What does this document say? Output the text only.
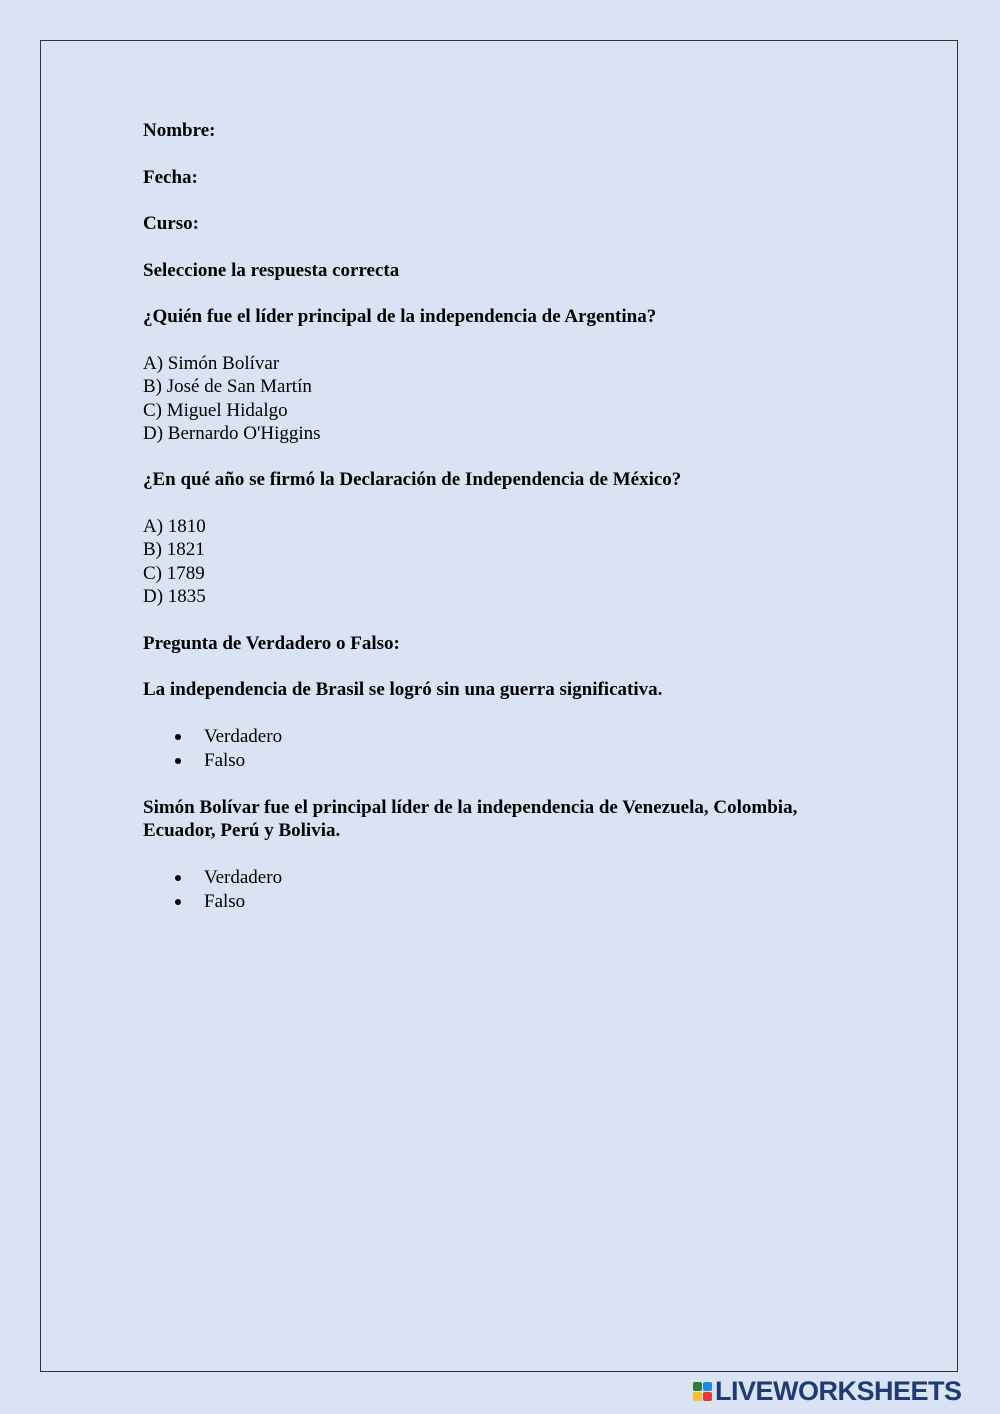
Nombre:
Fecha:
Curso:
Seleccione la respuesta correcta
¿Quién fue el líder principal de la independencia de Argentina?
A) Simón Bolívar
B) José de San Martín
C) Miguel Hidalgo
D) Bernardo O'Higgins
¿En qué año se firmó la Declaración de Independencia de México?
A) 1810
B) 1821
C) 1789
D) 1835
Pregunta de Verdadero o Falso:
La independencia de Brasil se logró sin una guerra significativa.
Verdadero
Falso
Simón Bolívar fue el principal líder de la independencia de Venezuela, Colombia,
Ecuador, Perú y Bolivia.
Verdadero
Falso
LIVEWORKSHEETS
